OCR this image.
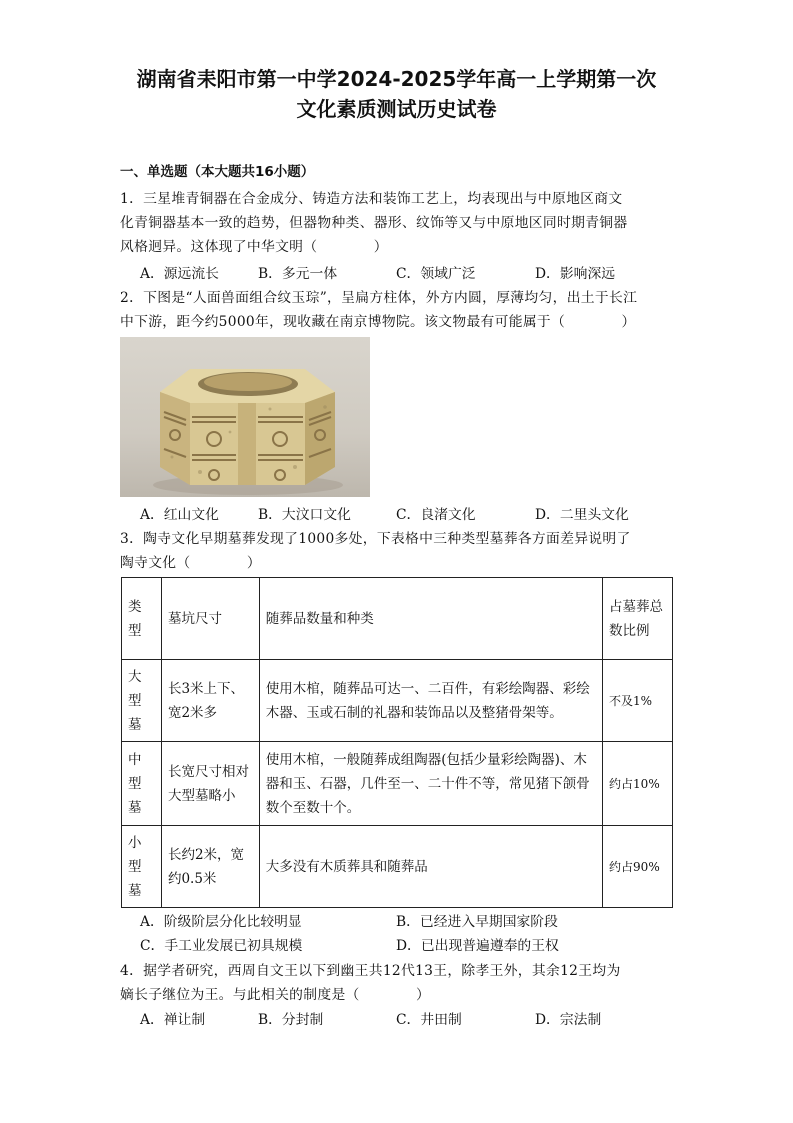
湖南省耒阳市第一中学2024-2025学年高一上学期第一次
文化素质测试历史试卷
一、单选题（本大题共16小题）
1．三星堆青铜器在合金成分、铸造方法和装饰工艺上，均表现出与中原地区商文
化青铜器基本一致的趋势，但器物种类、器形、纹饰等又与中原地区同时期青铜器
风格迥异。这体现了中华文明（　　　　）
A．源远流长	B．多元一体	C．领域广泛	D．影响深远
2．下图是“人面兽面组合纹玉琮”，呈扁方柱体，外方内圆，厚薄均匀，出土于长江
中下游，距今约5000年，现收藏在南京博物院。该文物最有可能属于（　　　　）
A．红山文化	B．大汶口文化	C．良渚文化	D．二里头文化
3．陶寺文化早期墓葬发现了1000多处，下表格中三种类型墓葬各方面差异说明了
陶寺文化（　　　　）
类型	墓坑尺寸	随葬品数量和种类	占墓葬总数比例
大型墓	长3米上下、宽2米多	使用木棺，随葬品可达一、二百件，有彩绘陶器、彩绘木器、玉或石制的礼器和装饰品以及整猪骨架等。	不及1%
中型墓	长宽尺寸相对大型墓略小	使用木棺，一般随葬成组陶器(包括少量彩绘陶器)、木器和玉、石器，几件至一、二十件不等，常见猪下颌骨数个至数十个。	约占10%
小型墓	长约2米，宽约0.5米	大多没有木质葬具和随葬品	约占90%
A．阶级阶层分化比较明显	B．已经进入早期国家阶段
C．手工业发展已初具规模	D．已出现普遍遵奉的王权
4．据学者研究，西周自文王以下到幽王共12代13王，除孝王外，其余12王均为
嫡长子继位为王。与此相关的制度是（　　　　）
A．禅让制	B．分封制	C．井田制	D．宗法制
